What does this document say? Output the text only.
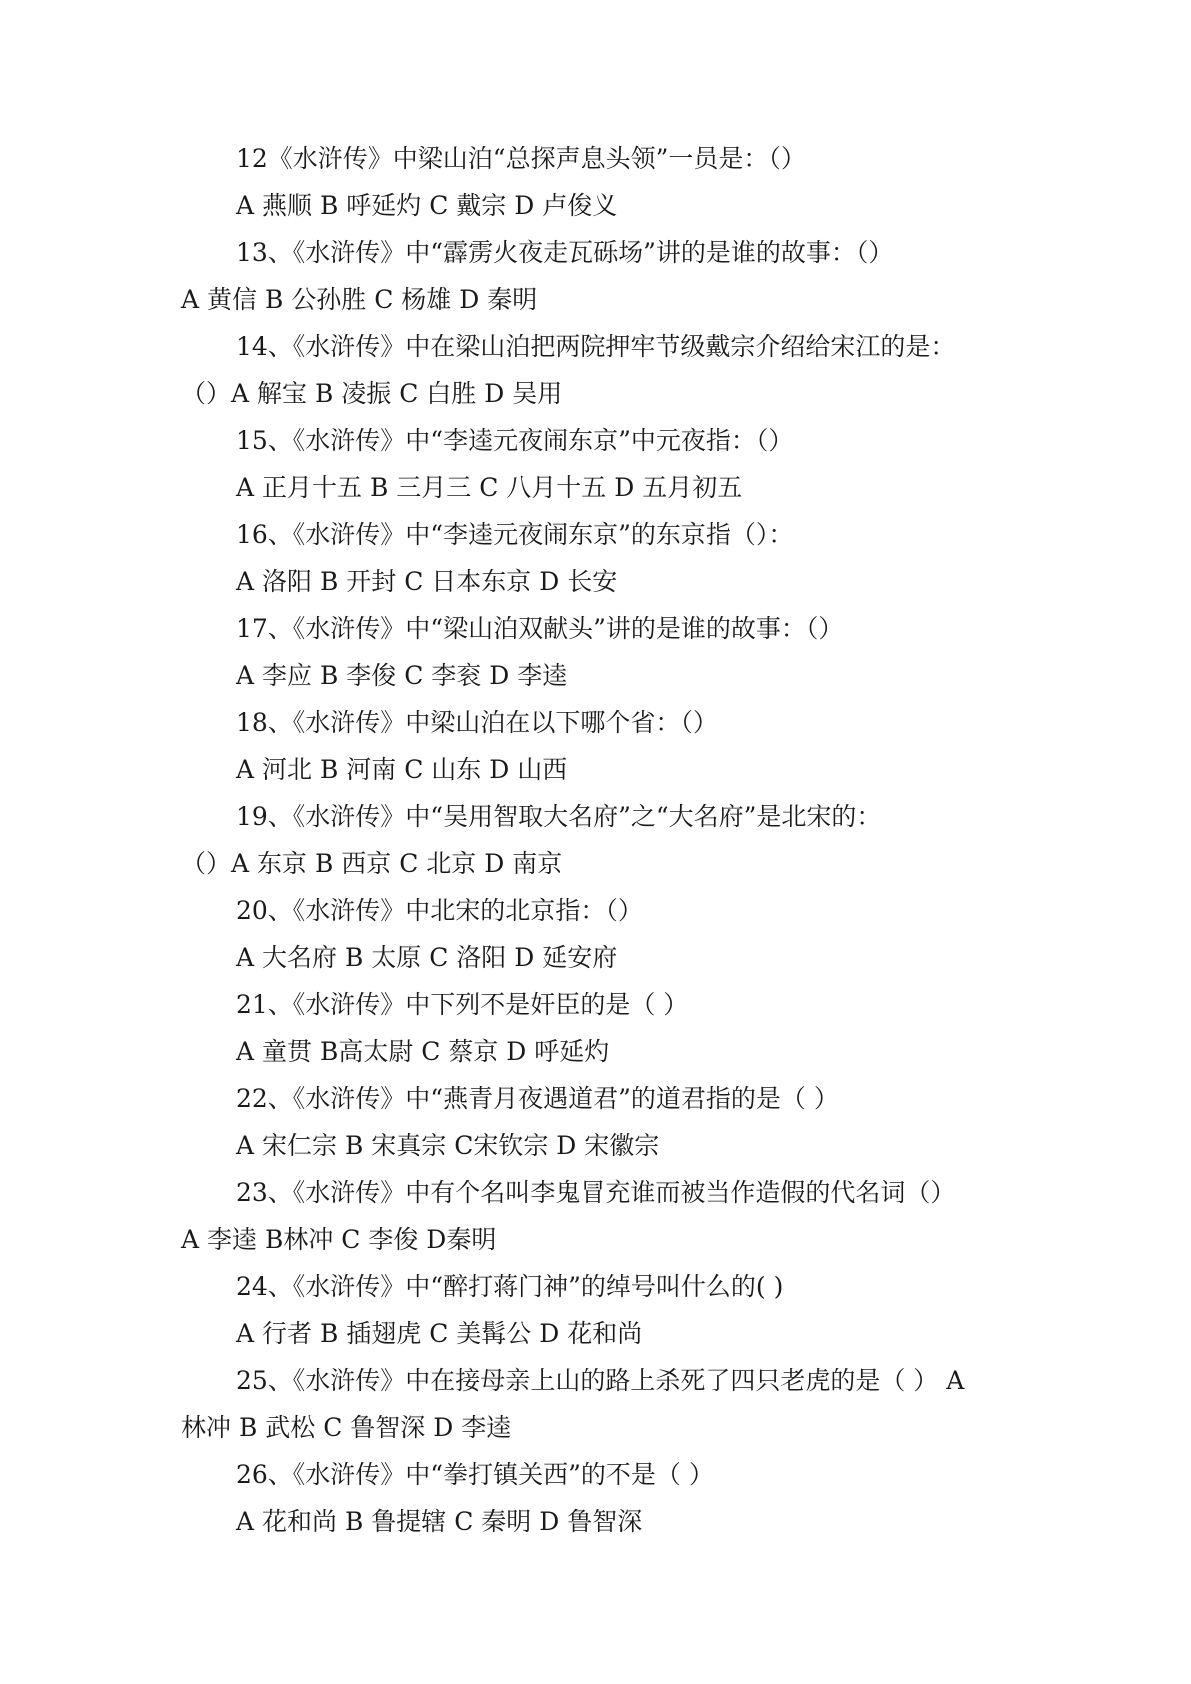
12《水浒传》中梁山泊“总探声息头领”一员是：（）
A 燕顺 B 呼延灼 C 戴宗 D 卢俊义
13、《水浒传》中“霹雳火夜走瓦砾场”讲的是谁的故事：（）
A 黄信 B 公孙胜 C 杨雄 D 秦明
14、《水浒传》中在梁山泊把两院押牢节级戴宗介绍给宋江的是：
（）A 解宝 B 凌振 C 白胜 D 吴用
15、《水浒传》中“李逵元夜闹东京”中元夜指：（）
A 正月十五 B 三月三 C 八月十五 D 五月初五
16、《水浒传》中“李逵元夜闹东京”的东京指（）：
A 洛阳 B 开封 C 日本东京 D 长安
17、《水浒传》中“梁山泊双献头”讲的是谁的故事：（）
A 李应 B 李俊 C 李衮 D 李逵
18、《水浒传》中梁山泊在以下哪个省：（）
A 河北 B 河南 C 山东 D 山西
19、《水浒传》中“吴用智取大名府”之“大名府”是北宋的：
（）A 东京 B 西京 C 北京 D 南京
20、《水浒传》中北宋的北京指：（）
A 大名府 B 太原 C 洛阳 D 延安府
21、《水浒传》中下列不是奸臣的是（ ）
A 童贯 B高太尉 C 蔡京 D 呼延灼
22、《水浒传》中“燕青月夜遇道君”的道君指的是（ ）
A 宋仁宗 B 宋真宗 C宋钦宗 D 宋徽宗
23、《水浒传》中有个名叫李鬼冒充谁而被当作造假的代名词（）
A 李逵 B林冲 C 李俊 D秦明
24、《水浒传》中“醉打蒋门神”的绰号叫什么的( )
A 行者 B 插翅虎 C 美髯公 D 花和尚
25、《水浒传》中在接母亲上山的路上杀死了四只老虎的是（ ） A
林冲 B 武松 C 鲁智深 D 李逵
26、《水浒传》中“拳打镇关西”的不是（ ）
A 花和尚 B 鲁提辖 C 秦明 D 鲁智深
